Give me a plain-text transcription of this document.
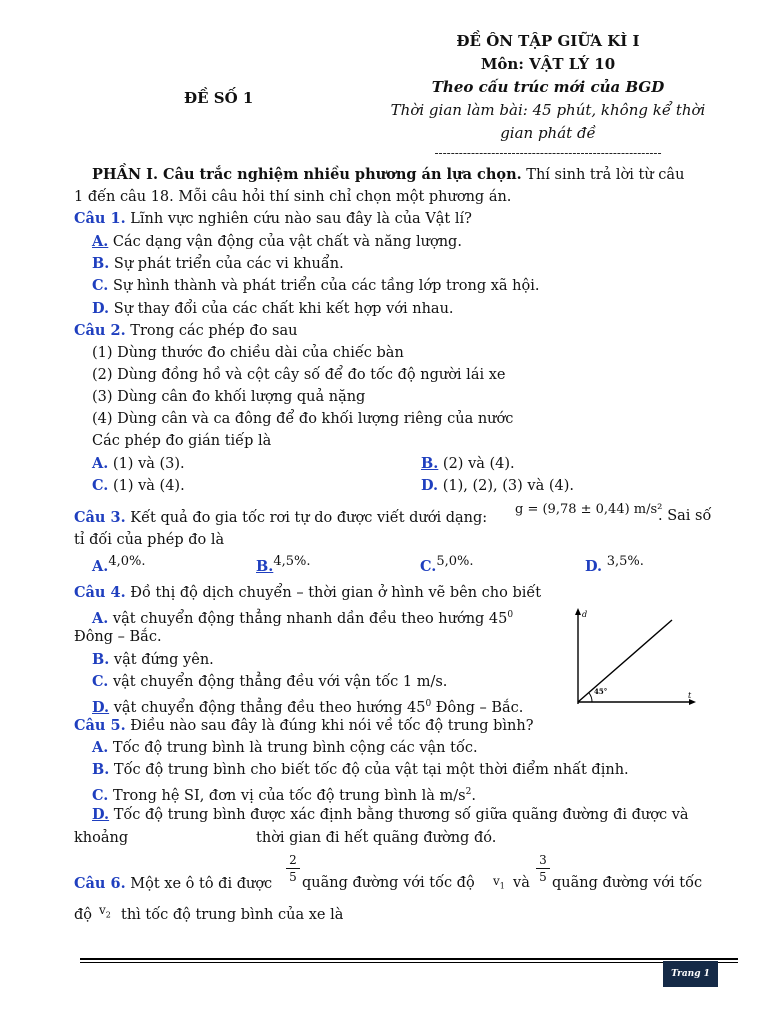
ĐỀ ÔN TẬP GIỮA KÌ I
Môn: VẬT LÝ 10
Theo cấu trúc mới của BGD
Thời gian làm bài: 45 phút, không kể thời
gian phát đề
--------------------------------------------------------
ĐỀ SỐ 1
PHẦN I. Câu trắc nghiệm nhiều phương án lựa chọn. Thí sinh trả lời từ câu
1 đến câu 18. Mỗi câu hỏi thí sinh chỉ chọn một phương án.
Câu 1. Lĩnh vực nghiên cứu nào sau đây là của Vật lí?
A. Các dạng vận động của vật chất và năng lượng.
B. Sự phát triển của các vi khuẩn.
C. Sự hình thành và phát triển của các tầng lớp trong xã hội.
D. Sự thay đổi của các chất khi kết hợp với nhau.
Câu 2. Trong các phép đo sau
(1) Dùng thước đo chiều dài của chiếc bàn
(2) Dùng đồng hồ và cột cây số để đo tốc độ người lái xe
(3) Dùng cân đo khối lượng quả nặng
(4) Dùng cân và ca đông để đo khối lượng riêng của nước
Các phép đo gián tiếp là
A. (1) và (3).	B. (2) và (4).
C. (1) và (4).	D. (1), (2), (3) và (4).
Câu 3. Kết quả đo gia tốc rơi tự do được viết dưới dạng:
g = (9,78 ± 0,44) m/s²
. Sai số
tỉ đối của phép đo là
A.4,0%.	B.4,5%.	C.5,0%.	D. 3,5%.
Câu 4. Đồ thị độ dịch chuyển – thời gian ở hình vẽ bên cho biết
A. vật chuyển động thẳng nhanh dần đều theo hướng $45^0$
Đông – Bắc.
B. vật đứng yên.
C. vật chuyển động thẳng đều với vận tốc 1 m/s.
D. vật chuyển động thẳng đều theo hướng $45^0$ Đông – Bắc.
d
t
45°
Câu 5. Điều nào sau đây là đúng khi nói về tốc độ trung bình?
A. Tốc độ trung bình là trung bình cộng các vận tốc.
B. Tốc độ trung bình cho biết tốc độ của vật tại một thời điểm nhất định.
C. Trong hệ SI, đơn vị của tốc độ trung bình là $m/s^2$.
D. Tốc độ trung bình được xác định bằng thương số giữa quãng đường đi được và
khoảng	thời gian đi hết quãng đường đó.
Câu 6. Một xe ô tô đi được
2
5 quãng đường với tốc độ $v_1$ và
3
5 quãng đường với tốc
độ $v_2$ thì tốc độ trung bình của xe là
Trang 1
